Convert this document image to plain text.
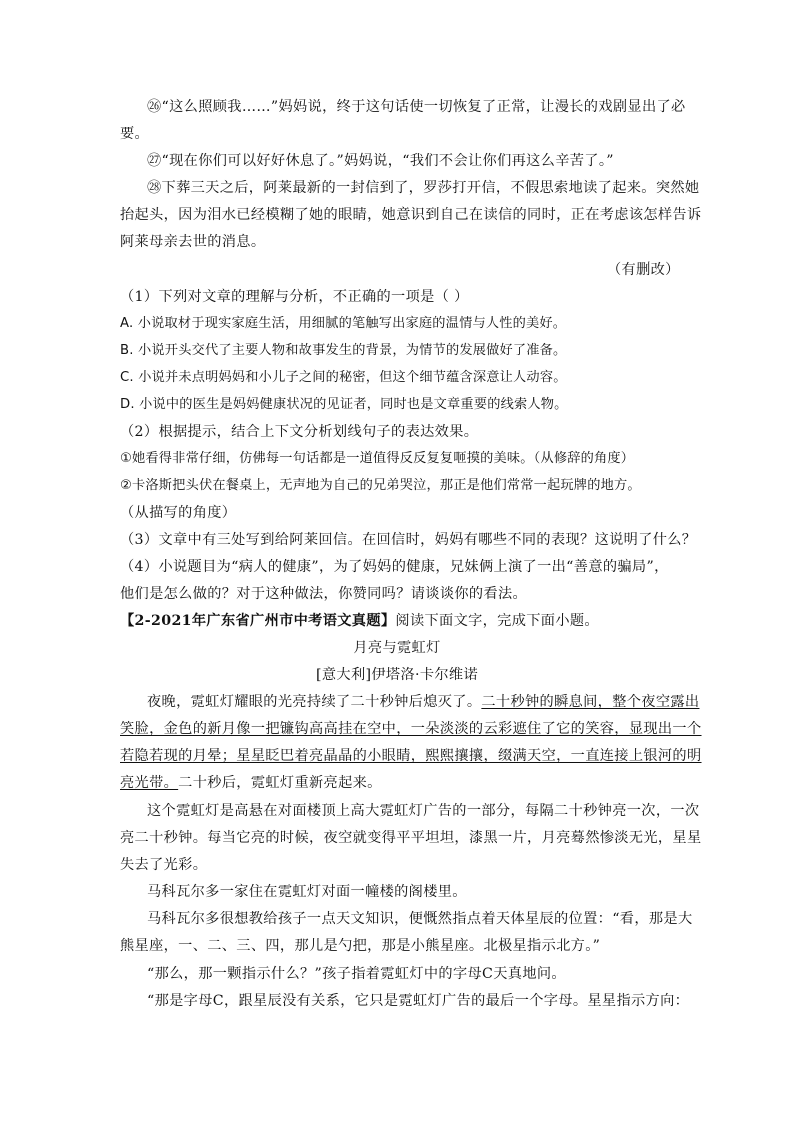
㉖“这么照顾我……”妈妈说，终于这句话使一切恢复了正常，让漫长的戏剧显出了必
要。
㉗“现在你们可以好好休息了。”妈妈说，“我们不会让你们再这么辛苦了。”
㉘下葬三天之后，阿莱最新的一封信到了，罗莎打开信，不假思索地读了起来。突然她
抬起头，因为泪水已经模糊了她的眼睛，她意识到自己在读信的同时，正在考虑该怎样告诉
阿莱母亲去世的消息。
（有删改）
（1）下列对文章的理解与分析，不正确的一项是（ ）
A. 小说取材于现实家庭生活，用细腻的笔触写出家庭的温情与人性的美好。
B. 小说开头交代了主要人物和故事发生的背景，为情节的发展做好了准备。
C. 小说并未点明妈妈和小儿子之间的秘密，但这个细节蕴含深意让人动容。
D. 小说中的医生是妈妈健康状况的见证者，同时也是文章重要的线索人物。
（2）根据提示，结合上下文分析划线句子的表达效果。
①她看得非常仔细，仿佛每一句话都是一道值得反反复复咂摸的美味。（从修辞的角度）
②卡洛斯把头伏在餐桌上，无声地为自己的兄弟哭泣，那正是他们常常一起玩牌的地方。
（从描写的角度）
（3）文章中有三处写到给阿莱回信。在回信时，妈妈有哪些不同的表现？这说明了什么？
（4）小说题目为“病人的健康”，为了妈妈的健康，兄妹俩上演了一出“善意的骗局”，
他们是怎么做的？对于这种做法，你赞同吗？请谈谈你的看法。
【2-2021年广东省广州市中考语文真题】阅读下面文字，完成下面小题。
月亮与霓虹灯
[意大利]伊塔洛·卡尔维诺
夜晚，霓虹灯耀眼的光亮持续了二十秒钟后熄灭了。二十秒钟的瞬息间，整个夜空露出
笑脸，金色的新月像一把镰钩高高挂在空中，一朵淡淡的云彩遮住了它的笑容，显现出一个
若隐若现的月晕；星星眨巴着亮晶晶的小眼睛，熙熙攘攘，缀满天空，一直连接上银河的明
亮光带。二十秒后，霓虹灯重新亮起来。
这个霓虹灯是高悬在对面楼顶上高大霓虹灯广告的一部分，每隔二十秒钟亮一次，一次
亮二十秒钟。每当它亮的时候，夜空就变得平平坦坦，漆黑一片，月亮蓦然惨淡无光，星星
失去了光彩。
马科瓦尔多一家住在霓虹灯对面一幢楼的阁楼里。
马科瓦尔多很想教给孩子一点天文知识，便慨然指点着天体星辰的位置：“看，那是大
熊星座，一、二、三、四，那儿是勺把，那是小熊星座。北极星指示北方。”
“那么，那一颗指示什么？”孩子指着霓虹灯中的字母C天真地问。
“那是字母C，跟星辰没有关系，它只是霓虹灯广告的最后一个字母。星星指示方向：
